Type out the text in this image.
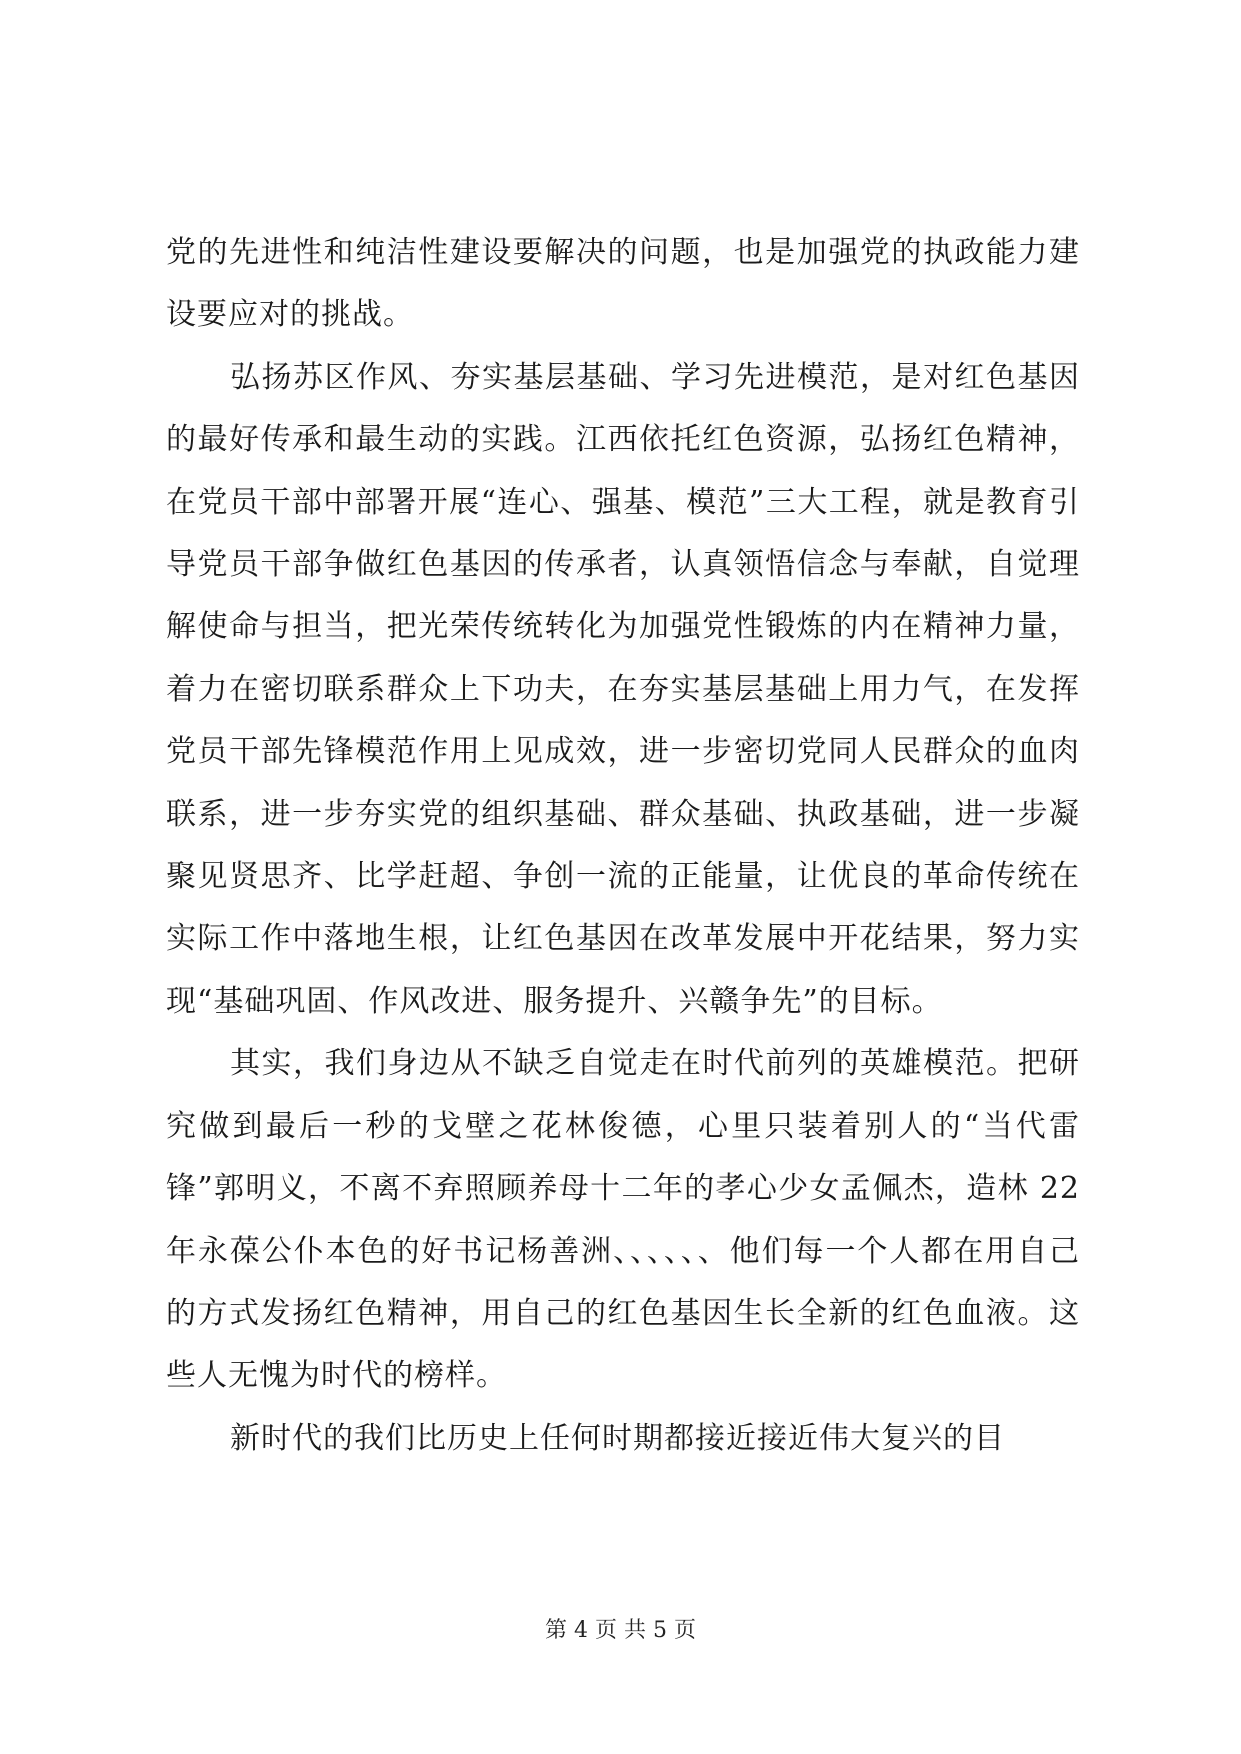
党的先进性和纯洁性建设要解决的问题，也是加强党的执政能力建设要应对的挑战。

弘扬苏区作风、夯实基层基础、学习先进模范，是对红色基因的最好传承和最生动的实践。江西依托红色资源，弘扬红色精神，在党员干部中部署开展“连心、强基、模范”三大工程，就是教育引导党员干部争做红色基因的传承者，认真领悟信念与奉献，自觉理解使命与担当，把光荣传统转化为加强党性锻炼的内在精神力量，着力在密切联系群众上下功夫，在夯实基层基础上用力气，在发挥党员干部先锋模范作用上见成效，进一步密切党同人民群众的血肉联系，进一步夯实党的组织基础、群众基础、执政基础，进一步凝聚见贤思齐、比学赶超、争创一流的正能量，让优良的革命传统在实际工作中落地生根，让红色基因在改革发展中开花结果，努力实现“基础巩固、作风改进、服务提升、兴赣争先”的目标。

其实，我们身边从不缺乏自觉走在时代前列的英雄模范。把研究做到最后一秒的戈壁之花林俊德，心里只装着别人的“当代雷锋”郭明义，不离不弃照顾养母十二年的孝心少女孟佩杰，造林 22 年永葆公仆本色的好书记杨善洲、、、、、、他们每一个人都在用自己的方式发扬红色精神，用自己的红色基因生长全新的红色血液。这些人无愧为时代的榜样。

新时代的我们比历史上任何时期都接近接近伟大复兴的目

第 4 页 共 5 页
